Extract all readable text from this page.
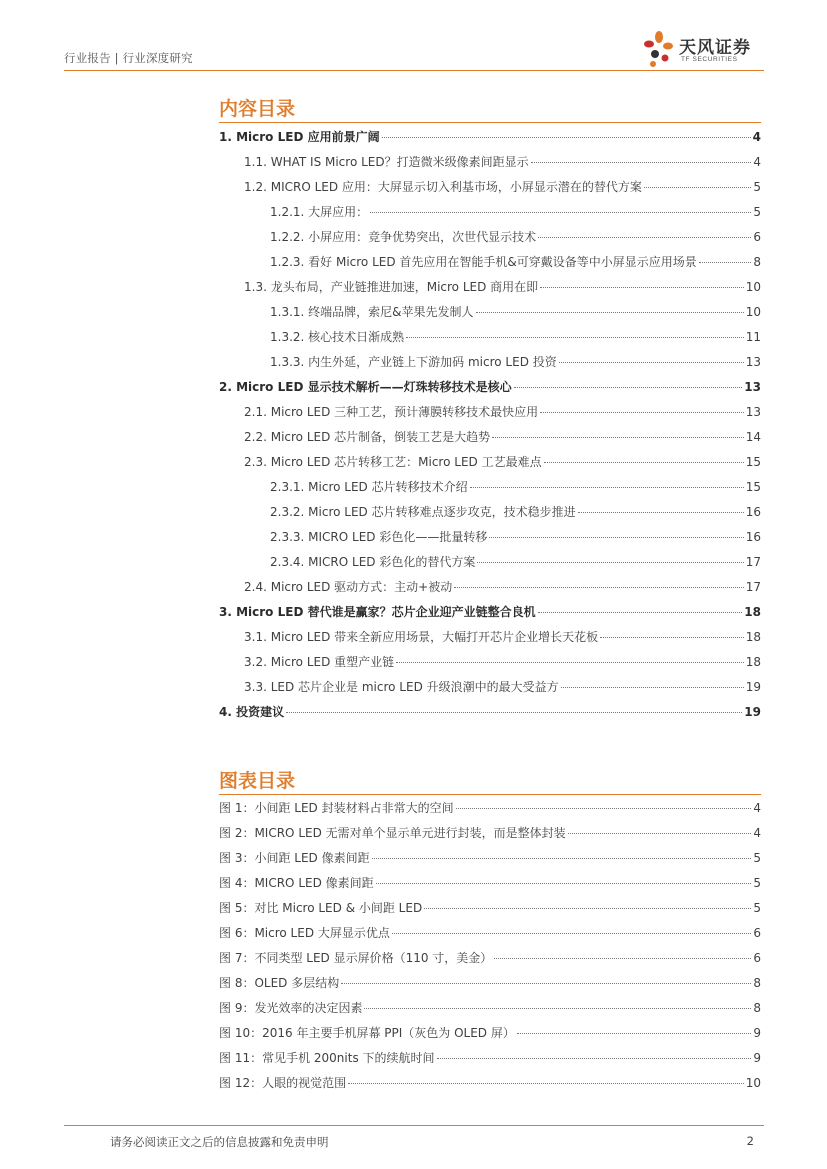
行业报告 | 行业深度研究	天风证券
TF SECURITIES
内容目录
1. Micro LED 应用前景广阔	4
1.1. WHAT IS Micro LED？打造微米级像素间距显示	4
1.2. MICRO LED 应用：大屏显示切入利基市场，小屏显示潜在的替代方案	5
1.2.1. 大屏应用：	5
1.2.2. 小屏应用：竞争优势突出，次世代显示技术	6
1.2.3. 看好 Micro LED 首先应用在智能手机&可穿戴设备等中小屏显示应用场景	8
1.3. 龙头布局，产业链推进加速，Micro LED 商用在即	10
1.3.1. 终端品牌，索尼&苹果先发制人	10
1.3.2. 核心技术日渐成熟	11
1.3.3. 内生外延，产业链上下游加码 micro LED 投资	13
2. Micro LED 显示技术解析——灯珠转移技术是核心	13
2.1. Micro LED 三种工艺，预计薄膜转移技术最快应用	13
2.2. Micro LED 芯片制备，倒装工艺是大趋势	14
2.3. Micro LED 芯片转移工艺：Micro LED 工艺最难点	15
2.3.1. Micro LED 芯片转移技术介绍	15
2.3.2. Micro LED 芯片转移难点逐步攻克，技术稳步推进	16
2.3.3. MICRO LED 彩色化——批量转移	16
2.3.4. MICRO LED 彩色化的替代方案	17
2.4. Micro LED 驱动方式：主动+被动	17
3. Micro LED 替代谁是赢家？芯片企业迎产业链整合良机	18
3.1. Micro LED 带来全新应用场景，大幅打开芯片企业增长天花板	18
3.2. Micro LED 重塑产业链	18
3.3. LED 芯片企业是 micro LED 升级浪潮中的最大受益方	19
4. 投资建议	19
图表目录
图 1：小间距 LED 封装材料占非常大的空间	4
图 2：MICRO LED 无需对单个显示单元进行封装，而是整体封装	4
图 3：小间距 LED 像素间距	5
图 4：MICRO LED 像素间距	5
图 5：对比 Micro LED & 小间距 LED	5
图 6：Micro LED 大屏显示优点	6
图 7：不同类型 LED 显示屏价格（110 寸，美金）	6
图 8：OLED 多层结构	8
图 9：发光效率的决定因素	8
图 10：2016 年主要手机屏幕 PPI（灰色为 OLED 屏）	9
图 11：常见手机 200nits 下的续航时间	9
图 12：人眼的视觉范围	10
请务必阅读正文之后的信息披露和免责申明	2
